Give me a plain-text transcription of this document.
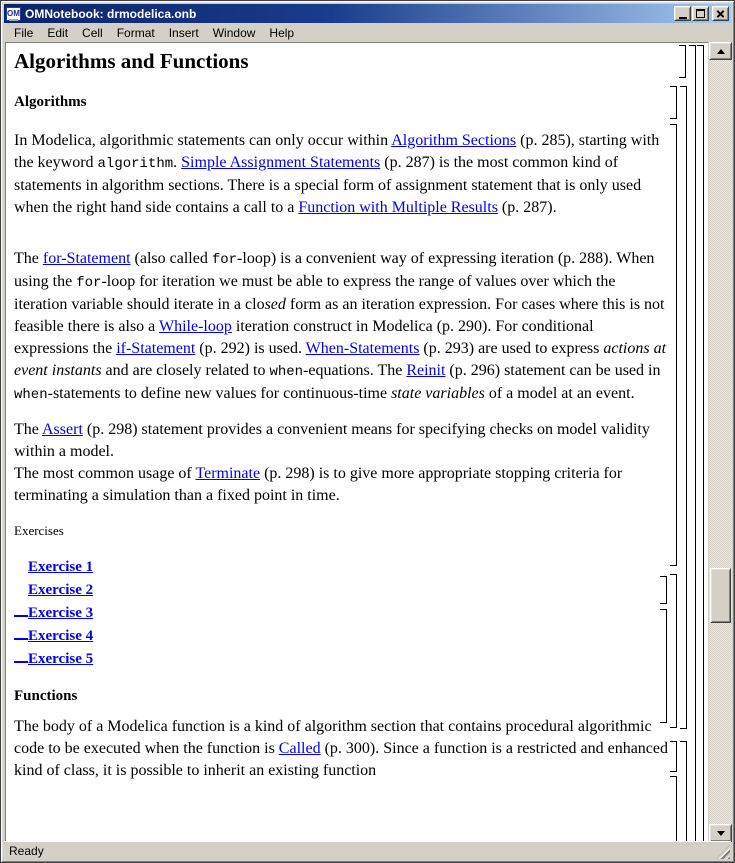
OM OMNotebook: drmodelica.onb
File	Edit	Cell	Format	Insert	Window	Help
Algorithms and Functions
Algorithms

In Modelica, algorithmic statements can only occur within Algorithm Sections (p. 285), starting with the keyword algorithm. Simple Assignment Statements (p. 287) is the most common kind of statements in algorithm sections. There is a special form of assignment statement that is only used when the right hand side contains a call to a Function with Multiple Results (p. 287).

The for-Statement (also called for-loop) is a convenient way of expressing iteration (p. 288). When using the for-loop for iteration we must be able to express the range of values over which the iteration variable should iterate in a closed form as an iteration expression. For cases where this is not feasible there is also a While-loop iteration construct in Modelica (p. 290). For conditional expressions the if-Statement (p. 292) is used. When-Statements (p. 293) are used to express actions at event instants and are closely related to when-equations. The Reinit (p. 296) statement can be used in when-statements to define new values for continuous-time state variables of a model at an event.

The Assert (p. 298) statement provides a convenient means for specifying checks on model validity within a model.
The most common usage of Terminate (p. 298) is to give more appropriate stopping criteria for terminating a simulation than a fixed point in time.

Exercises
Exercise 1
Exercise 2
Exercise 3
Exercise 4
Exercise 5
Functions

The body of a Modelica function is a kind of algorithm section that contains procedural algorithmic code to be executed when the function is Called (p. 300). Since a function is a restricted and enhanced kind of class, it is possible to inherit an existing function

Ready
